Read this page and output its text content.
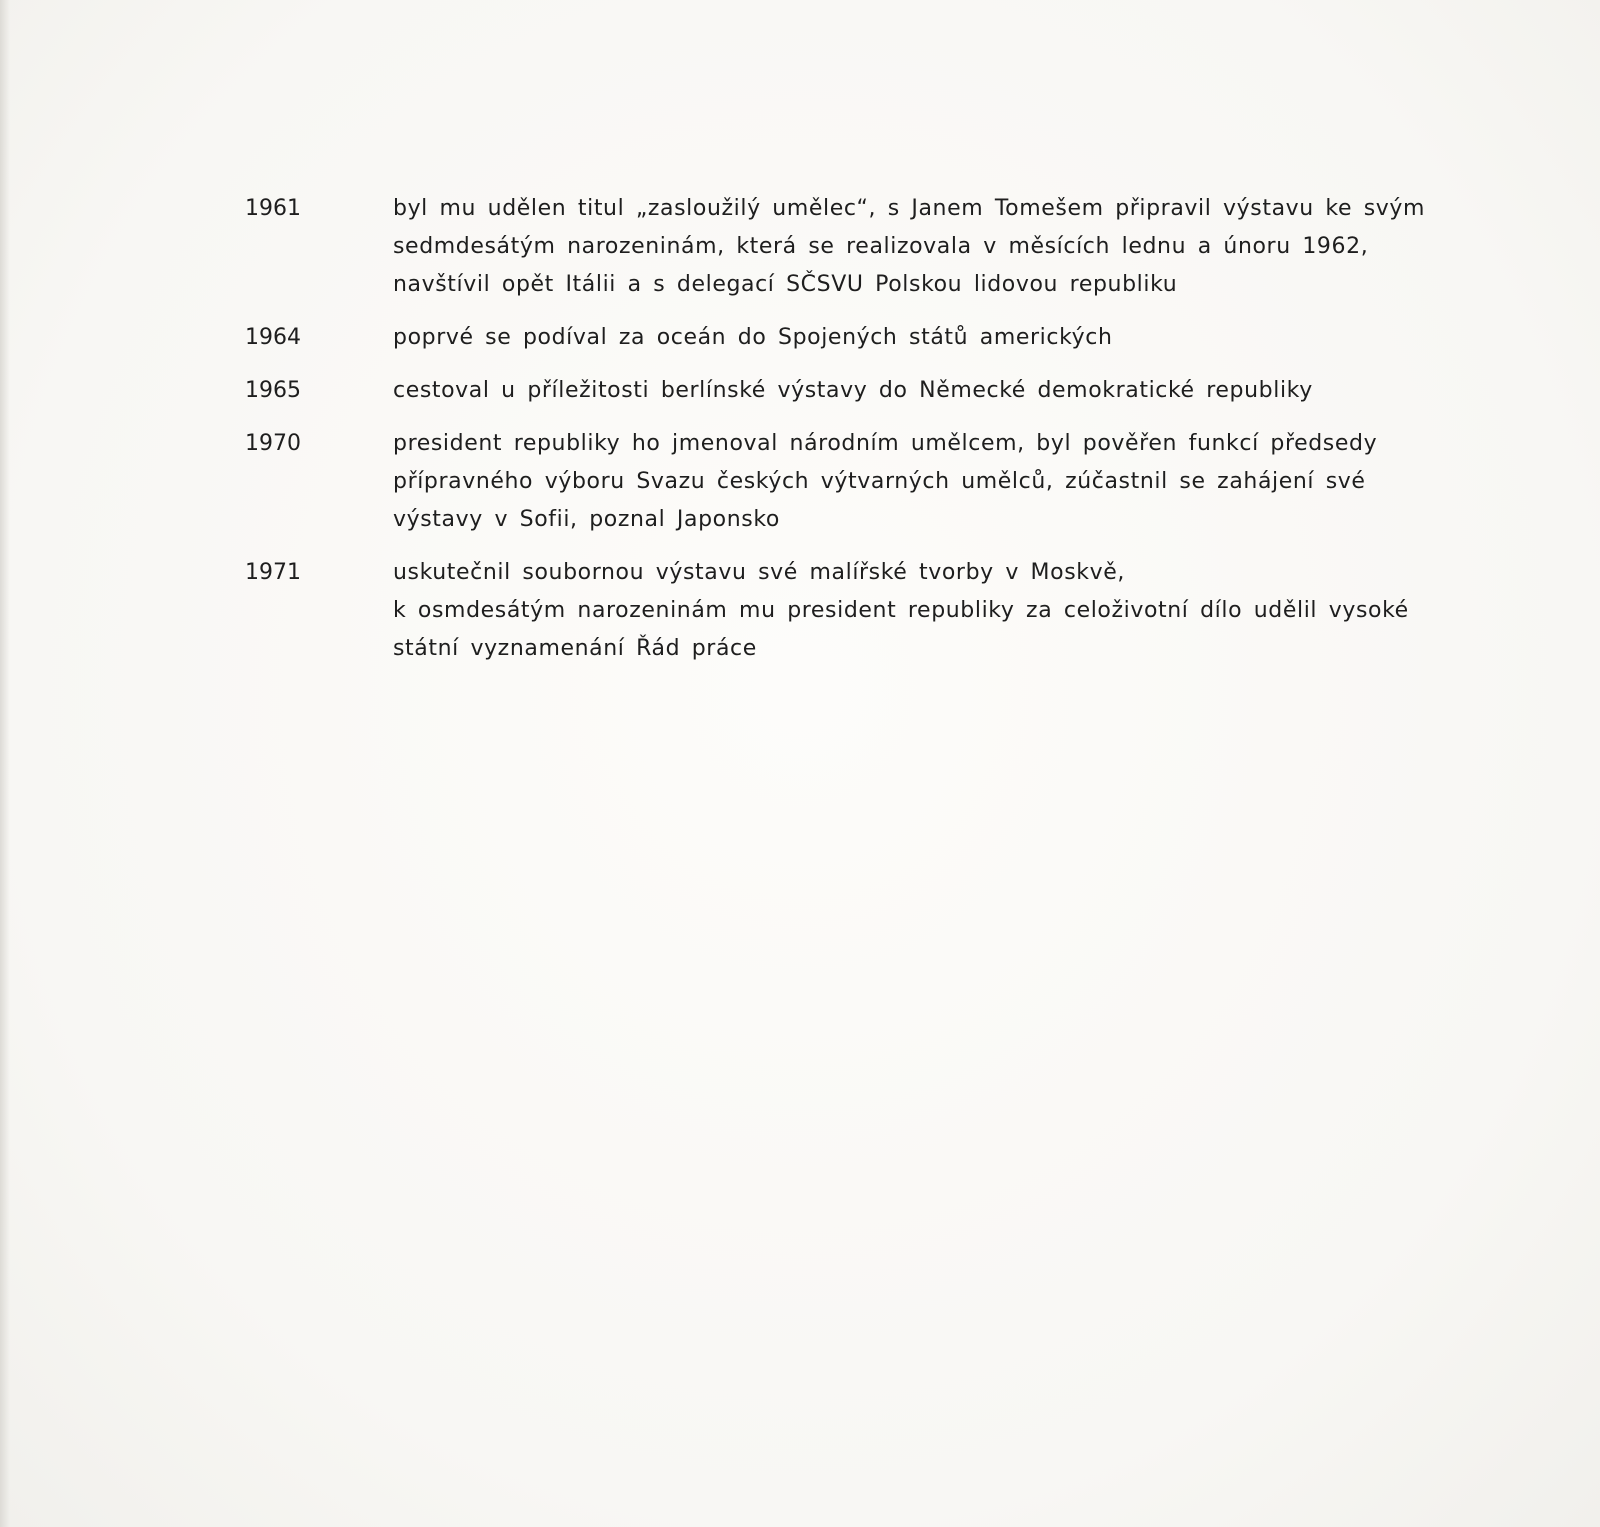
1961	byl mu udělen titul „zasloužilý umělec“, s Janem Tomešem připravil výstavu ke svým
sedmdesátým narozeninám, která se realizovala v měsících lednu a únoru 1962,
navštívil opět Itálii a s delegací SČSVU Polskou lidovou republiku
1964	poprvé se podíval za oceán do Spojených států amerických
1965	cestoval u příležitosti berlínské výstavy do Německé demokratické republiky
1970	president republiky ho jmenoval národním umělcem, byl pověřen funkcí předsedy
přípravného výboru Svazu českých výtvarných umělců, zúčastnil se zahájení své
výstavy v Sofii, poznal Japonsko
1971	uskutečnil soubornou výstavu své malířské tvorby v Moskvě,
k osmdesátým narozeninám mu president republiky za celoživotní dílo udělil vysoké
státní vyznamenání Řád práce
